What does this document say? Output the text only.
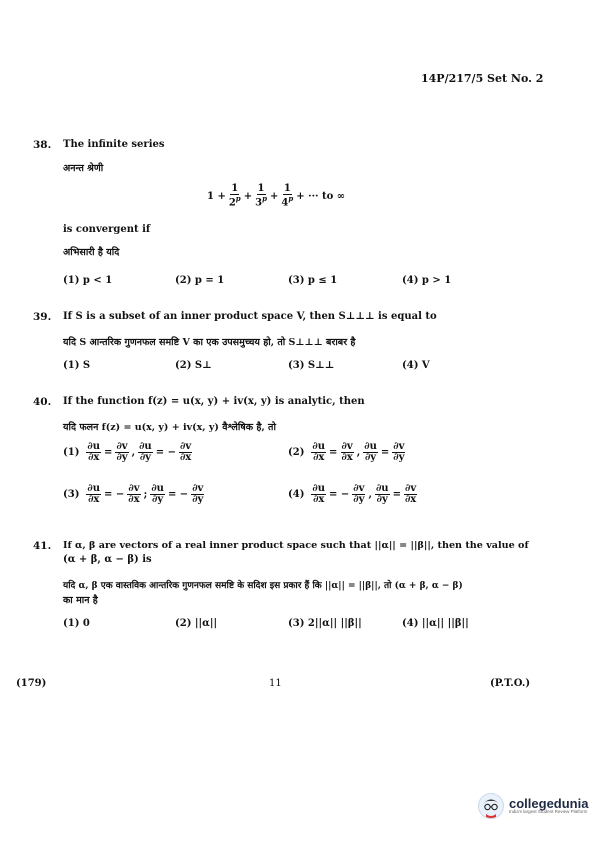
14P/217/5 Set No. 2
38. The infinite series
अनन्त श्रेणी
$1 + \frac{1}{2^p} + \frac{1}{3^p} + \frac{1}{4^p}$ + ··· to ∞
is convergent if
अभिसारी है यदि
(1) p < 1	(2) p = 1	(3) p ≤ 1	(4) p > 1
39. If S is a subset of an inner product space V, then S⊥⊥⊥ is equal to
यदि S आन्तरिक गुणनफल समष्टि V का एक उपसमुच्चय हो, तो S⊥⊥⊥ बराबर है
(1) S	(2) S⊥	(3) S⊥⊥	(4) V
40. If the function f(z) = u(x, y) + iv(x, y) is analytic, then
यदि फलन f(z) = u(x, y) + iv(x, y) वैश्लेषिक है, तो
$(1) \frac{\partial u}{\partial x} = \frac{\partial v}{\partial y}$ , $\frac{\partial u}{\partial y}$ = − $\frac{\partial v}{\partial x}$	$(2) \frac{\partial u}{\partial x} = \frac{\partial v}{\partial x}$ , $\frac{\partial u}{\partial y} = \frac{\partial v}{\partial y}$
$(3) \frac{\partial u}{\partial x}$ = − $\frac{\partial v}{\partial x}$ ; $\frac{\partial u}{\partial y}$ = − $\frac{\partial v}{\partial y}$	$(4) \frac{\partial u}{\partial x}$ = − $\frac{\partial v}{\partial y}$ , $\frac{\partial u}{\partial y} = \frac{\partial v}{\partial x}$
41. If α, β are vectors of a real inner product space such that ||α|| = ||β||, then the value of
(α + β, α − β) is
यदि α, β एक वास्तविक आन्तरिक गुणनफल समष्टि के सदिश इस प्रकार हैं कि ||α|| = ||β||, तो (α + β, α − β)
का मान है
(1) 0	(2) ||α||	(3) 2||α|| ||β||	(4) ||α|| ||β||
(179)	11	(P.T.O.)
collegedunia
India's largest Student Review Platform
